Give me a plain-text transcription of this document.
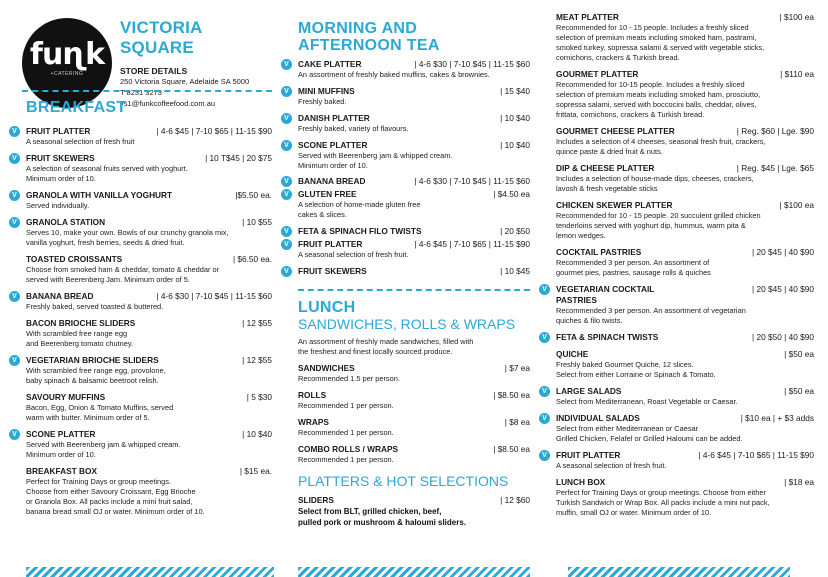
fuɳk
+CATERING
VICTORIA SQUARE
STORE DETAILS
250 Victoria Square, Adelaide SA 5000
T 8231 3273
vs1@funkcoffeefood.com.au
BREAKFAST
V	FRUIT PLATTER	| 4-6 $45 | 7-10 $65 | 11-15 $90
A seasonal selection of fresh fruit
V	FRUIT SKEWERS	| 10 T$45 | 20 $75
A selection of seasonal fruits served with yoghurt.
Minimum order of 10.
V	GRANOLA WITH VANILLA YOGHURT	|$5.50 ea.
Served individually.
V	GRANOLA STATION	| 10 $55
Serves 10, make your own. Bowls of our crunchy granola mix,
vanilla yoghurt, fresh berries, seeds & dried fruit.
TOASTED CROISSANTS	| $6.50 ea.
Choose from smoked ham & cheddar, tomato & cheddar or
served with Beerenberg Jam. Minimum order of 5.
V	BANANA BREAD	| 4-6 $30 | 7-10 $45 | 11-15 $60
Freshly baked, served toasted & buttered.
BACON BRIOCHE SLIDERS	| 12 $55
With scrambled free range egg
and Beerenberg tomato chutney.
V	VEGETARIAN BRIOCHE SLIDERS	| 12 $55
With scrambled free range egg, provolone,
baby spinach & balsamic beetroot relish.
SAVOURY MUFFINS	| 5 $30
Bacon, Egg, Onion & Tomato Muffins, served
warm with butter. Minimum order of 5.
V	SCONE PLATTER	| 10 $40
Served with Beerenberg jam & whipped cream.
Minimum order of 10.
BREAKFAST BOX	| $15 ea.
Perfect for Training Days or group meetings.
Choose from either Savoury Croissant, Egg Brioche
or Granola Box. All packs include a mini fruit salad,
banana bread small OJ or water. Minimum order of 10.
MORNING AND
AFTERNOON TEA
V	CAKE PLATTER	| 4-6 $30 | 7-10 $45 | 11-15 $60
An assortment of freshly baked muffins, cakes & brownies.
V	MINI MUFFINS	| 15 $40
Freshly baked.
V	DANISH PLATTER	| 10 $40
Freshly baked, variety of flavours.
V	SCONE PLATTER	| 10 $40
Served with Beerenberg jam & whipped cream.
Minimum order of 10.
V	BANANA BREAD	| 4-6 $30 | 7-10 $45 | 11-15 $60
V	GLUTEN FREE	| $4.50 ea
A selection of home-made gluten free
cakes & slices.
V	FETA & SPINACH FILO TWISTS	| 20 $50
V	FRUIT PLATTER	| 4-6 $45 | 7-10 $65 | 11-15 $90
A seasonal selection of fresh fruit.
V	FRUIT SKEWERS	| 10 $45
LUNCH
SANDWICHES, ROLLS & WRAPS
An assortment of freshly made sandwiches, filled with
the freshest and finest locally sourced produce.
SANDWICHES	| $7 ea
Recommended 1.5 per person.
ROLLS	| $8.50 ea
Recommended 1 per person.
WRAPS	| $8 ea
Recommended 1 per person.
COMBO ROLLS / WRAPS	| $8.50 ea
Recommended 1 per person.
PLATTERS & HOT SELECTIONS
SLIDERS	| 12 $60
Select from BLT, grilled chicken, beef,
pulled pork or mushroom & haloumi sliders.
MEAT PLATTER	| $100 ea
Recommended for 10 - 15 people. Includes a freshly sliced
selection of premium meats including smoked ham, pastrami,
smoked turkey, sopressa salami & served with vegetable sticks,
cornichons, crackers & Turkish bread.
GOURMET PLATTER	| $110 ea
Recommended for 10-15 people. Includes a freshly sliced
selection of premium meats including smoked ham, prosciutto,
sopressa salami, served with boccocini balls, cheddar, olives,
frittata, cornichons, crackers & Turkish bread.
GOURMET CHEESE PLATTER	| Reg. $60 | Lge. $90
Includes a selection of 4 cheeses, seasonal fresh fruit, crackers,
quince paste & dried fruit & nuts.
DIP & CHEESE PLATTER	| Reg. $45 | Lge. $65
Includes a selection of house-made dips, cheeses, crackers,
lavosh & fresh vegetable sticks
CHICKEN SKEWER PLATTER	| $100 ea
Recommended for 10 - 15 people. 20 succulent grilled chicken
tenderloins served with yoghurt dip, hummus, warm pita &
lemon wedges.
COCKTAIL PASTRIES	| 20 $45 | 40 $90
Recommended 3 per person. An assortment of
gourmet pies, pastries, sausage rolls & quiches
V	VEGETARIAN COCKTAIL	| 20 $45 | 40 $90
PASTRIES
Recommended 3 per person. An assortment of vegetarian
quiches & filo twists.
V	FETA & SPINACH TWISTS	| 20 $50 | 40 $90
QUICHE	| $50 ea
Freshly baked Gourmet Quiche, 12 slices.
Select from either Lorraine or Spinach & Tomato.
V	LARGE SALADS	| $50 ea
Select from Mediterranean, Roast Vegetable or Caesar.
V	INDIVIDUAL SALADS	| $10 ea | + $3 adds
Select from either Mediterranean or Caesar
Grilled Chicken, Felafel or Grilled Haloumi can be added.
V	FRUIT PLATTER	| 4-6 $45 | 7-10 $65 | 11-15 $90
A seasonal selection of fresh fruit.
LUNCH BOX	| $18 ea
Perfect for Training Days or group meetings. Choose from either
Turkish Sandwich or Wrap Box. All packs include a mini nut pack,
muffin, small OJ or water. Minimum order of 10.
